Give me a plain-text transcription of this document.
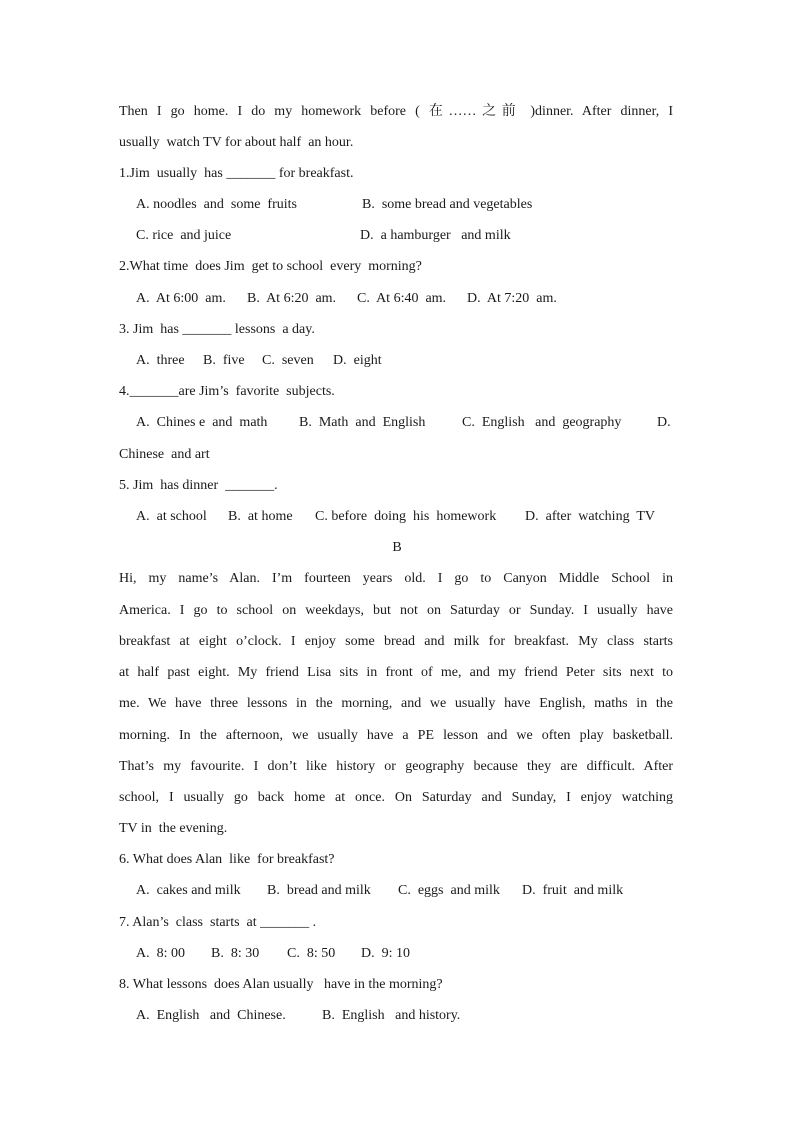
Then I go home. I do my homework before ( 在……之前 )dinner. After dinner, I
usually  watch TV for about half  an hour.
1.Jim  usually  has _______ for breakfast.
A. noodles  and  some  fruits	B.  some bread and vegetables
C. rice  and juice	D.  a hamburger   and milk
2.What time  does Jim  get to school  every  morning?
A.  At 6:00  am. B.  At 6:20  am. C.  At 6:40  am. D.  At 7:20  am.
3. Jim  has _______ lessons  a day.
A.  three B.  five C.  seven D.  eight
4._______are Jim’s  favorite  subjects.
A.  Chines e  and  math B.  Math  and  English	C.  English   and  geography	D.
Chinese  and art
5. Jim  has dinner  _______.
A.  at school B.  at home C. before  doing  his  homework D.  after  watching  TV
B
Hi, my name’s Alan. I’m fourteen years old. I go to Canyon Middle School in
America. I go to school on weekdays, but not on Saturday or Sunday. I usually have
breakfast at eight o’clock. I enjoy some bread and milk for breakfast. My class starts
at half past eight. My friend Lisa sits in front of me, and my friend Peter sits next to
me. We have three lessons in the morning, and we usually have English, maths in the
morning. In the afternoon, we usually have a PE lesson and we often play basketball.
That’s my favourite. I don’t like history or geography because they are difficult. After
school, I usually go back home at once. On Saturday and Sunday, I enjoy watching
TV in  the evening.
6. What does Alan  like  for breakfast?
A.  cakes and milk B.  bread and milk C.  eggs  and milk D.  fruit  and milk
7. Alan’s  class  starts  at _______ .
A.  8: 00 B.  8: 30 C.  8: 50 D.  9: 10
8. What lessons  does Alan usually   have in the morning?
A.  English   and  Chinese.	B.  English   and history.
